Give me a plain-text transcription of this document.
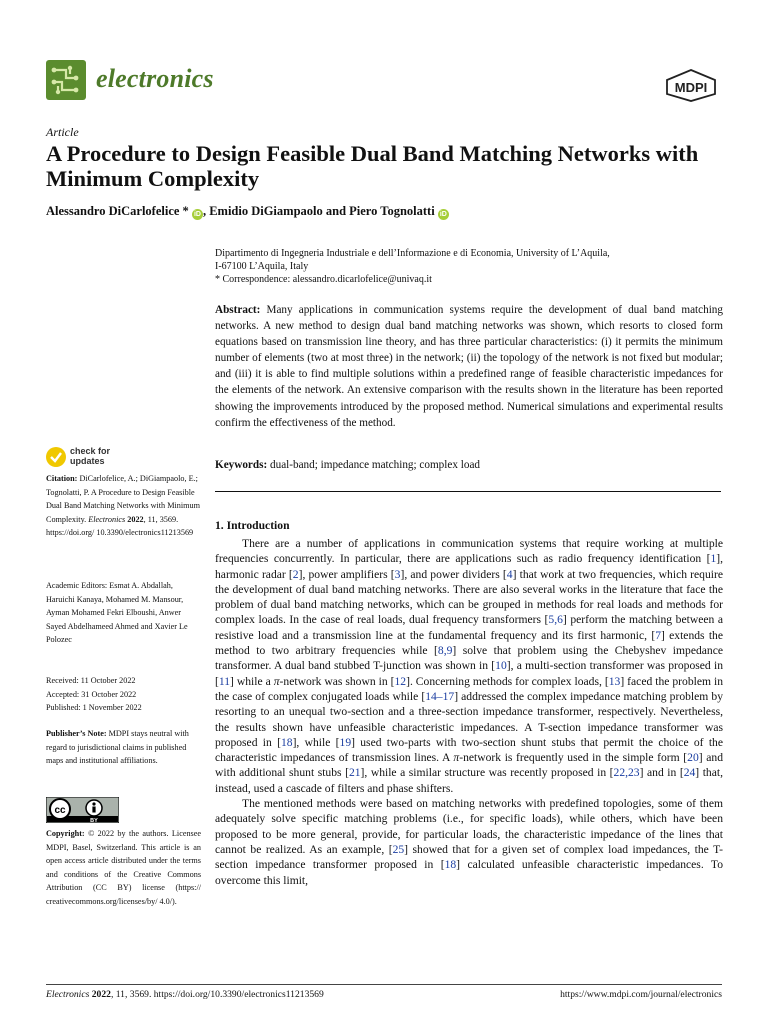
electronics	MDPI
Article
A Procedure to Design Feasible Dual Band Matching Networks with Minimum Complexity
Alessandro DiCarlofelice * iD , Emidio DiGiampaolo and Piero Tognolatti iD
Dipartimento di Ingegneria Industriale e dell’Informazione e di Economia, University of L’Aquila,
I-67100 L’Aquila, Italy
* Correspondence: alessandro.dicarlofelice@univaq.it
Abstract: Many applications in communication systems require the development of dual band matching networks. A new method to design dual band matching networks was shown, which resorts to closed form equations based on transmission line theory, and has three particular characteristics: (i) it permits the minimum number of elements (two at most three) in the network; (ii) the topology of the network is not fixed but modular; and (iii) it is able to find multiple solutions within a predefined range of feasible characteristic impedances for the elements of the network. An extensive comparison with the results shown in the literature has been reported showing the improvements introduced by the proposed method. Numerical simulations and experimental results confirm the effectiveness of the method.
Keywords: dual-band; impedance matching; complex load
check for
updates
Citation: DiCarlofelice, A.; DiGiampaolo, E.; Tognolatti, P. A Procedure to Design Feasible Dual Band Matching Networks with Minimum Complexity. Electronics 2022, 11, 3569. https://doi.org/ 10.3390/electronics11213569
Academic Editors: Esmat A. Abdallah, Haruichi Kanaya, Mohamed M. Mansour, Ayman Mohamed Fekri Elboushi, Anwer Sayed Abdelhameed Ahmed and Xavier Le Polozec
Received: 11 October 2022
Accepted: 31 October 2022
Published: 1 November 2022
Publisher’s Note: MDPI stays neutral with regard to jurisdictional claims in published maps and institutional affiliations.
cc
BY
Copyright: © 2022 by the authors. Licensee MDPI, Basel, Switzerland. This article is an open access article distributed under the terms and conditions of the Creative Commons Attribution (CC BY) license (https:// creativecommons.org/licenses/by/ 4.0/).
1. Introduction

There are a number of applications in communication systems that require working at multiple frequencies concurrently. In particular, there are applications such as radio frequency identification [1], harmonic radar [2], power amplifiers [3], and power dividers [4] that work at two frequencies, which require the development of dual band matching networks. There are also several works in the literature that face the problem of dual band matching networks, which can be grouped in methods for real loads and methods for complex loads. In the case of real loads, dual frequency transformers [5,6] perform the matching between a resistive load and a transmission line at the fundamental frequency and its first harmonic, [7] extends the method to two arbitrary frequencies while [8,9] solve that problem using the Chebyshev impedance transformer. A dual band stubbed T-junction was shown in [10], a multi-section transformer was proposed in [11] while a π-network was shown in [12]. Concerning methods for complex loads, [13] faced the problem in the case of complex conjugated loads while [14–17] addressed the complex impedance matching problem by resorting to an unequal two-section and a three-section impedance transformer, respectively. Nevertheless, the results shown have unfeasible characteristic impedances. A T-section impedance transformer was proposed in [18], while [19] used two-parts with two-section shunt stubs that permit the choice of the characteristic impedances of transmission lines. A π-network is frequently used in the simple form [20] and with additional shunt stubs [21], while a similar structure was recently proposed in [22,23] and in [24] that, instead, used a cascade of filters and phase shifters.

The mentioned methods were based on matching networks with predefined topologies, some of them adequately solve specific matching problems (i.e., for specific loads), while others, which have been proposed to be more general, provide, for particular loads, the characteristic impedance of the lines that cannot be realized. As an example, [25] showed that for a given set of complex load impedances, the T-section impedance transformer proposed in [18] calculated unfeasible characteristic impedances. To overcome this limit,

Electronics 2022, 11, 3569. https://doi.org/10.3390/electronics11213569	https://www.mdpi.com/journal/electronics
